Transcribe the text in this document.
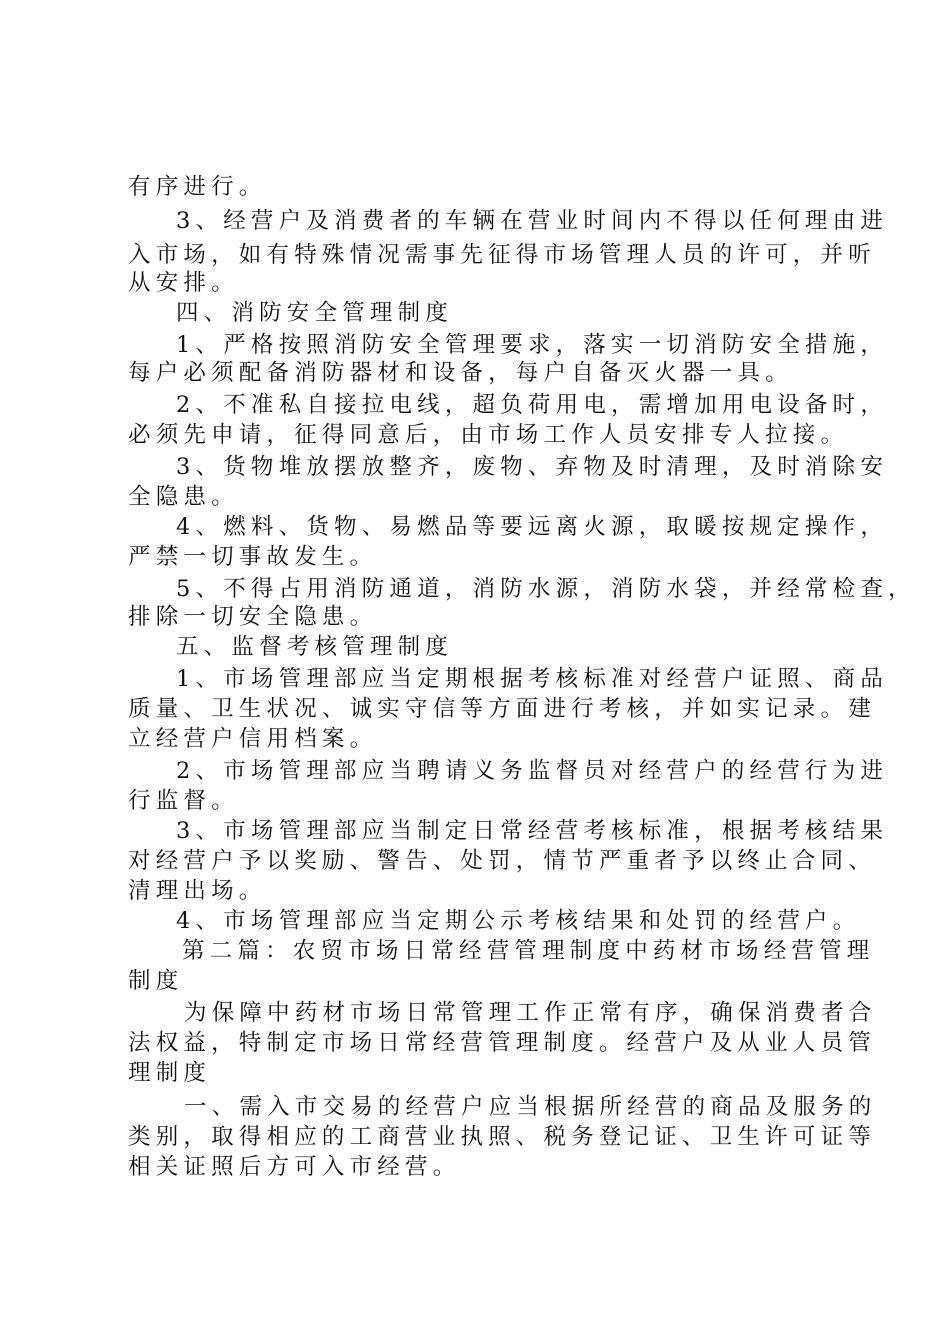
有序进行。
3、经营户及消费者的车辆在营业时间内不得以任何理由进
入市场，如有特殊情况需事先征得市场管理人员的许可，并听
从安排。
四、消防安全管理制度
1、严格按照消防安全管理要求，落实一切消防安全措施，
每户必须配备消防器材和设备，每户自备灭火器一具。
2、不准私自接拉电线，超负荷用电，需增加用电设备时，
必须先申请，征得同意后，由市场工作人员安排专人拉接。
3、货物堆放摆放整齐，废物、弃物及时清理，及时消除安
全隐患。
4、燃料、货物、易燃品等要远离火源，取暖按规定操作，
严禁一切事故发生。
5、不得占用消防通道，消防水源，消防水袋，并经常检查，
排除一切安全隐患。
五、监督考核管理制度
1、市场管理部应当定期根据考核标准对经营户证照、商品
质量、卫生状况、诚实守信等方面进行考核，并如实记录。建
立经营户信用档案。
2、市场管理部应当聘请义务监督员对经营户的经营行为进
行监督。
3、市场管理部应当制定日常经营考核标准，根据考核结果
对经营户予以奖励、警告、处罚，情节严重者予以终止合同、
清理出场。
4、市场管理部应当定期公示考核结果和处罚的经营户。
第二篇：农贸市场日常经营管理制度中药材市场经营管理
制度
为保障中药材市场日常管理工作正常有序，确保消费者合
法权益，特制定市场日常经营管理制度。经营户及从业人员管
理制度
一、需入市交易的经营户应当根据所经营的商品及服务的
类别，取得相应的工商营业执照、税务登记证、卫生许可证等
相关证照后方可入市经营。
